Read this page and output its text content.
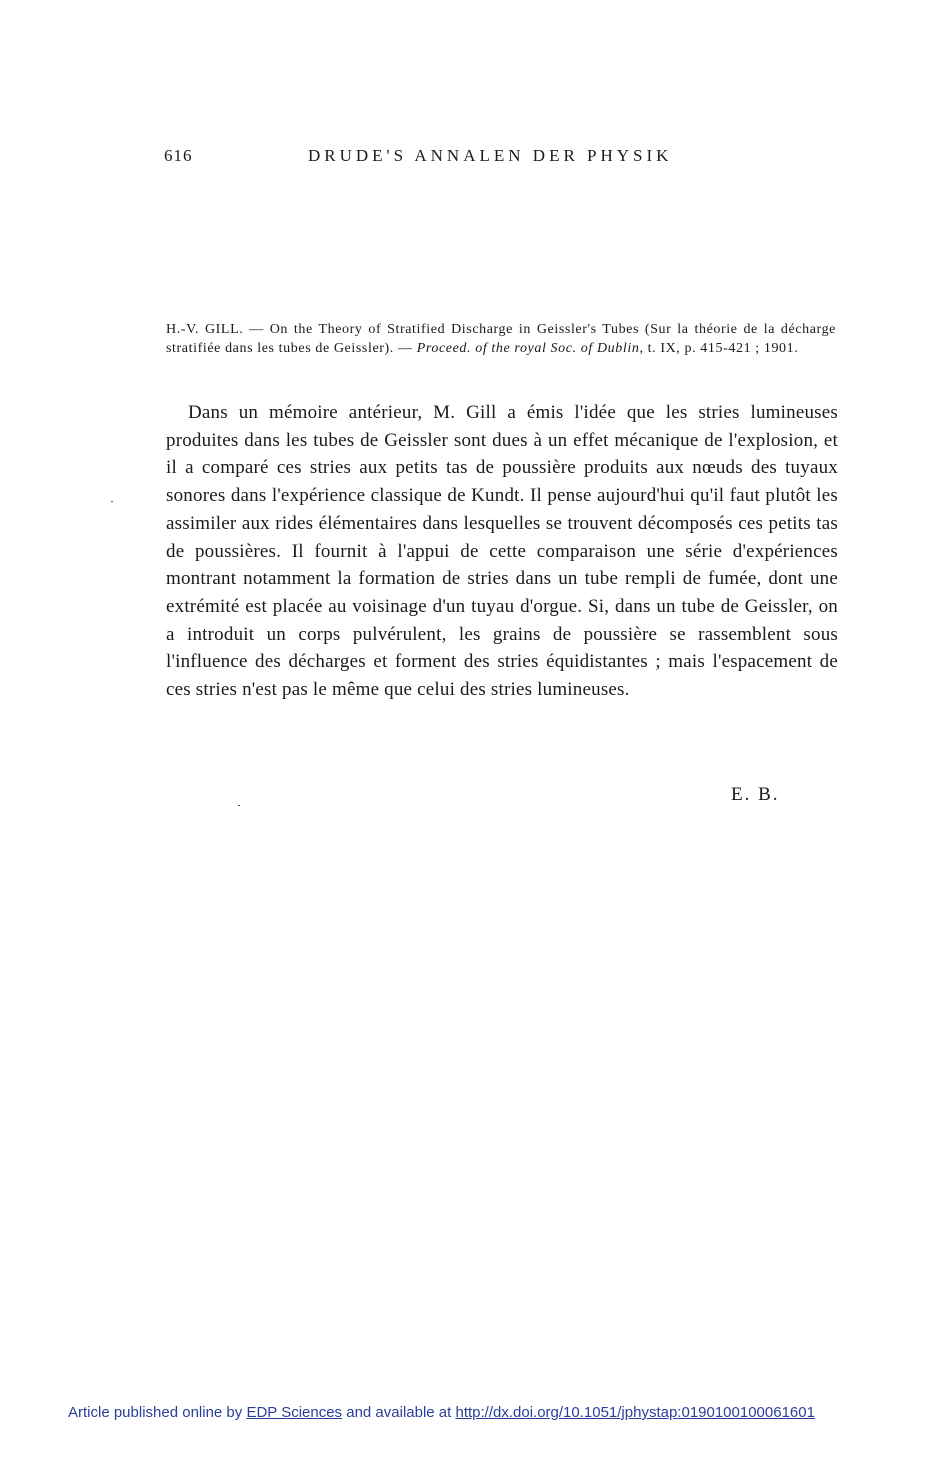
616	DRUDE'S ANNALEN DER PHYSIK
H.-V. GILL. — On the Theory of Stratified Discharge in Geissler's Tubes (Sur la théorie de la décharge stratifiée dans les tubes de Geissler). — Proceed. of the royal Soc. of Dublin, t. IX, p. 415-421 ; 1901.

Dans un mémoire antérieur, M. Gill a émis l'idée que les stries lumineuses produites dans les tubes de Geissler sont dues à un effet mécanique de l'explosion, et il a comparé ces stries aux petits tas de poussière produits aux nœuds des tuyaux sonores dans l'expérience classique de Kundt. Il pense aujourd'hui qu'il faut plutôt les assimiler aux rides élémentaires dans lesquelles se trouvent décomposés ces petits tas de poussières. Il fournit à l'appui de cette comparaison une série d'expériences montrant notamment la formation de stries dans un tube rempli de fumée, dont une extrémité est placée au voisinage d'un tuyau d'orgue. Si, dans un tube de Geissler, on a introduit un corps pulvérulent, les grains de poussière se rassemblent sous l'influence des décharges et forment des stries équidistantes ; mais l'espacement de ces stries n'est pas le même que celui des stries lumineuses.

E. B.
Article published online by EDP Sciences and available at http://dx.doi.org/10.1051/jphystap:0190100100061601
